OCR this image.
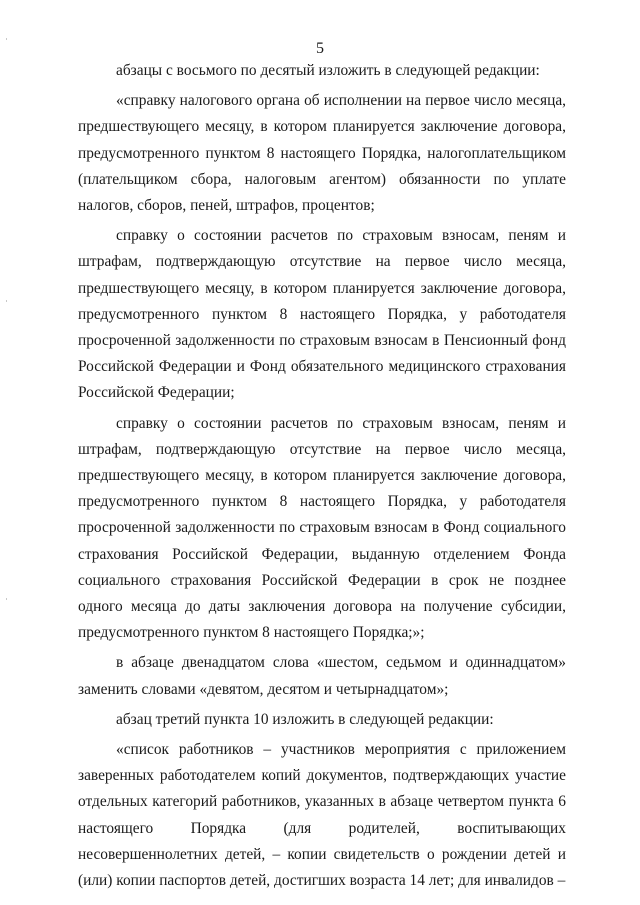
5

абзацы с восьмого по десятый изложить в следующей редакции:

«справку налогового органа об исполнении на первое число месяца, предшествующего месяцу, в котором планируется заключение договора, предусмотренного пунктом 8 настоящего Порядка, налогоплательщиком (плательщиком сбора, налоговым агентом) обязанности по уплате налогов, сборов, пеней, штрафов, процентов;

справку о состоянии расчетов по страховым взносам, пеням и штрафам, подтверждающую отсутствие на первое число месяца, предшествующего месяцу, в котором планируется заключение договора, предусмотренного пунктом 8 настоящего Порядка, у работодателя просроченной задолженности по страховым взносам в Пенсионный фонд Российской Федерации и Фонд обязательного медицинского страхования Российской Федерации;

справку о состоянии расчетов по страховым взносам, пеням и штрафам, подтверждающую отсутствие на первое число месяца, предшествующего месяцу, в котором планируется заключение договора, предусмотренного пунктом 8 настоящего Порядка, у работодателя просроченной задолженности по страховым взносам в Фонд социального страхования Российской Федерации, выданную отделением Фонда социального страхования Российской Федерации в срок не позднее одного месяца до даты заключения договора на получение субсидии, предусмотренного пунктом 8 настоящего Порядка;»;

в абзаце двенадцатом слова «шестом, седьмом и одиннадцатом» заменить словами «девятом, десятом и четырнадцатом»;

абзац третий пункта 10 изложить в следующей редакции:

«список работников – участников мероприятия с приложением заверенных работодателем копий документов, подтверждающих участие отдельных категорий работников, указанных в абзаце четвертом пункта 6 настоящего Порядка (для родителей, воспитывающих несовершеннолетних детей, – копии свидетельств о рождении детей и (или) копии паспортов детей, достигших возраста 14 лет; для инвалидов –
